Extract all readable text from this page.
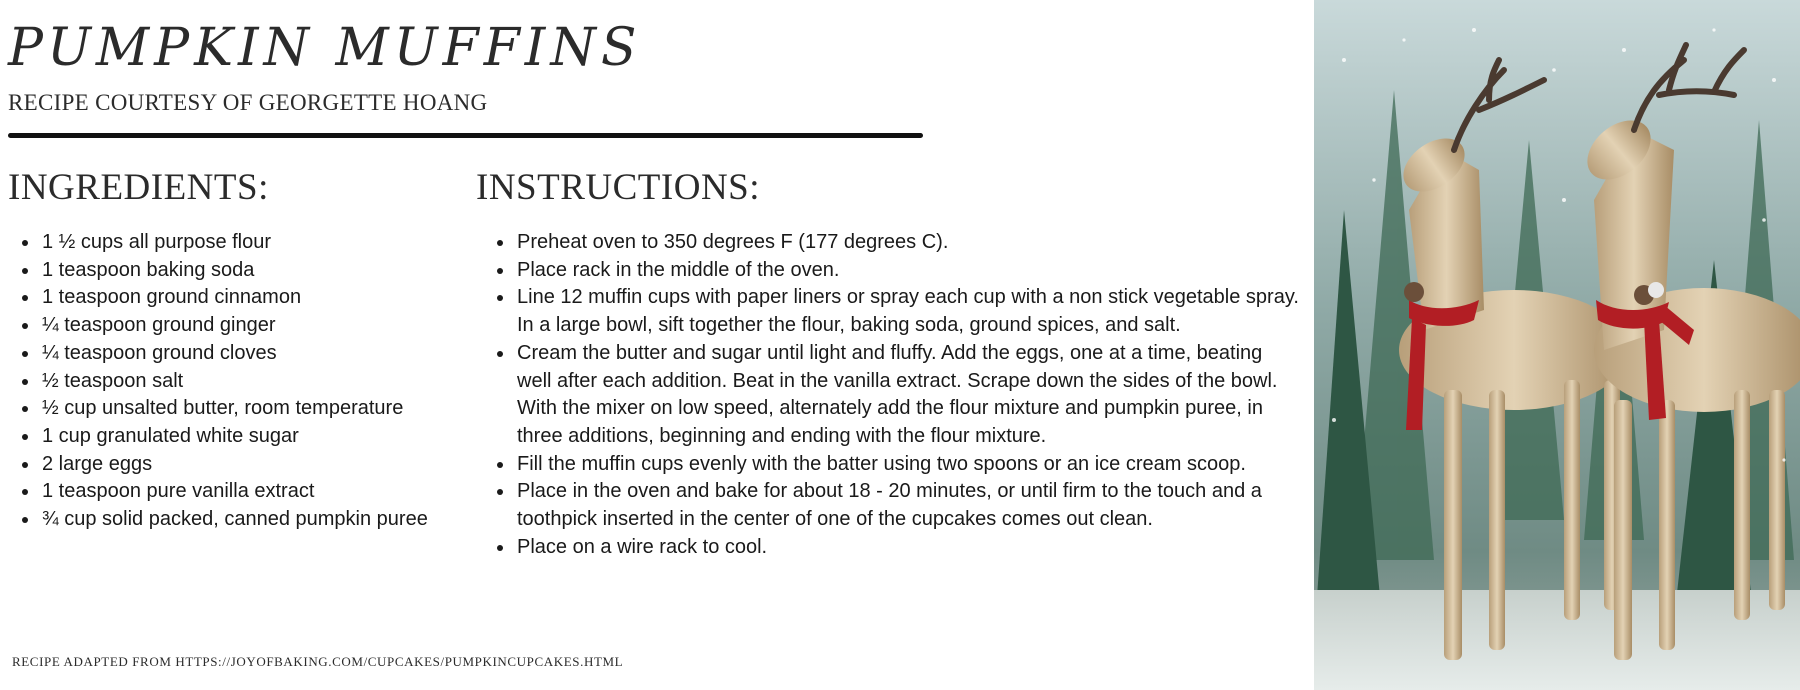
PUMPKIN MUFFINS

RECIPE COURTESY OF GEORGETTE HOANG

INGREDIENTS:	INSTRUCTIONS:
• 1 ½ cups all purpose flour
• 1 teaspoon baking soda
• 1 teaspoon ground cinnamon
• ¼ teaspoon ground ginger
• ¼ teaspoon ground cloves
• ½ teaspoon salt
• ½ cup unsalted butter, room temperature
• 1 cup granulated white sugar
• 2 large eggs
• 1 teaspoon pure vanilla extract
• ¾ cup solid packed, canned pumpkin puree
• Preheat oven to 350 degrees F (177 degrees C).
• Place rack in the middle of the oven.
• Line 12 muffin cups with paper liners or spray each cup with a non stick vegetable spray. In a large bowl, sift together the flour, baking soda, ground spices, and salt.
• Cream the butter and sugar until light and fluffy. Add the eggs, one at a time, beating well after each addition. Beat in the vanilla extract. Scrape down the sides of the bowl. With the mixer on low speed, alternately add the flour mixture and pumpkin puree, in three additions, beginning and ending with the flour mixture.
• Fill the muffin cups evenly with the batter using two spoons or an ice cream scoop.
• Place in the oven and bake for about 18 - 20 minutes, or until firm to the touch and a toothpick inserted in the center of one of the cupcakes comes out clean.
• Place on a wire rack to cool.

RECIPE ADAPTED FROM HTTPS://JOYOFBAKING.COM/CUPCAKES/PUMPKINCUPCAKES.HTML
